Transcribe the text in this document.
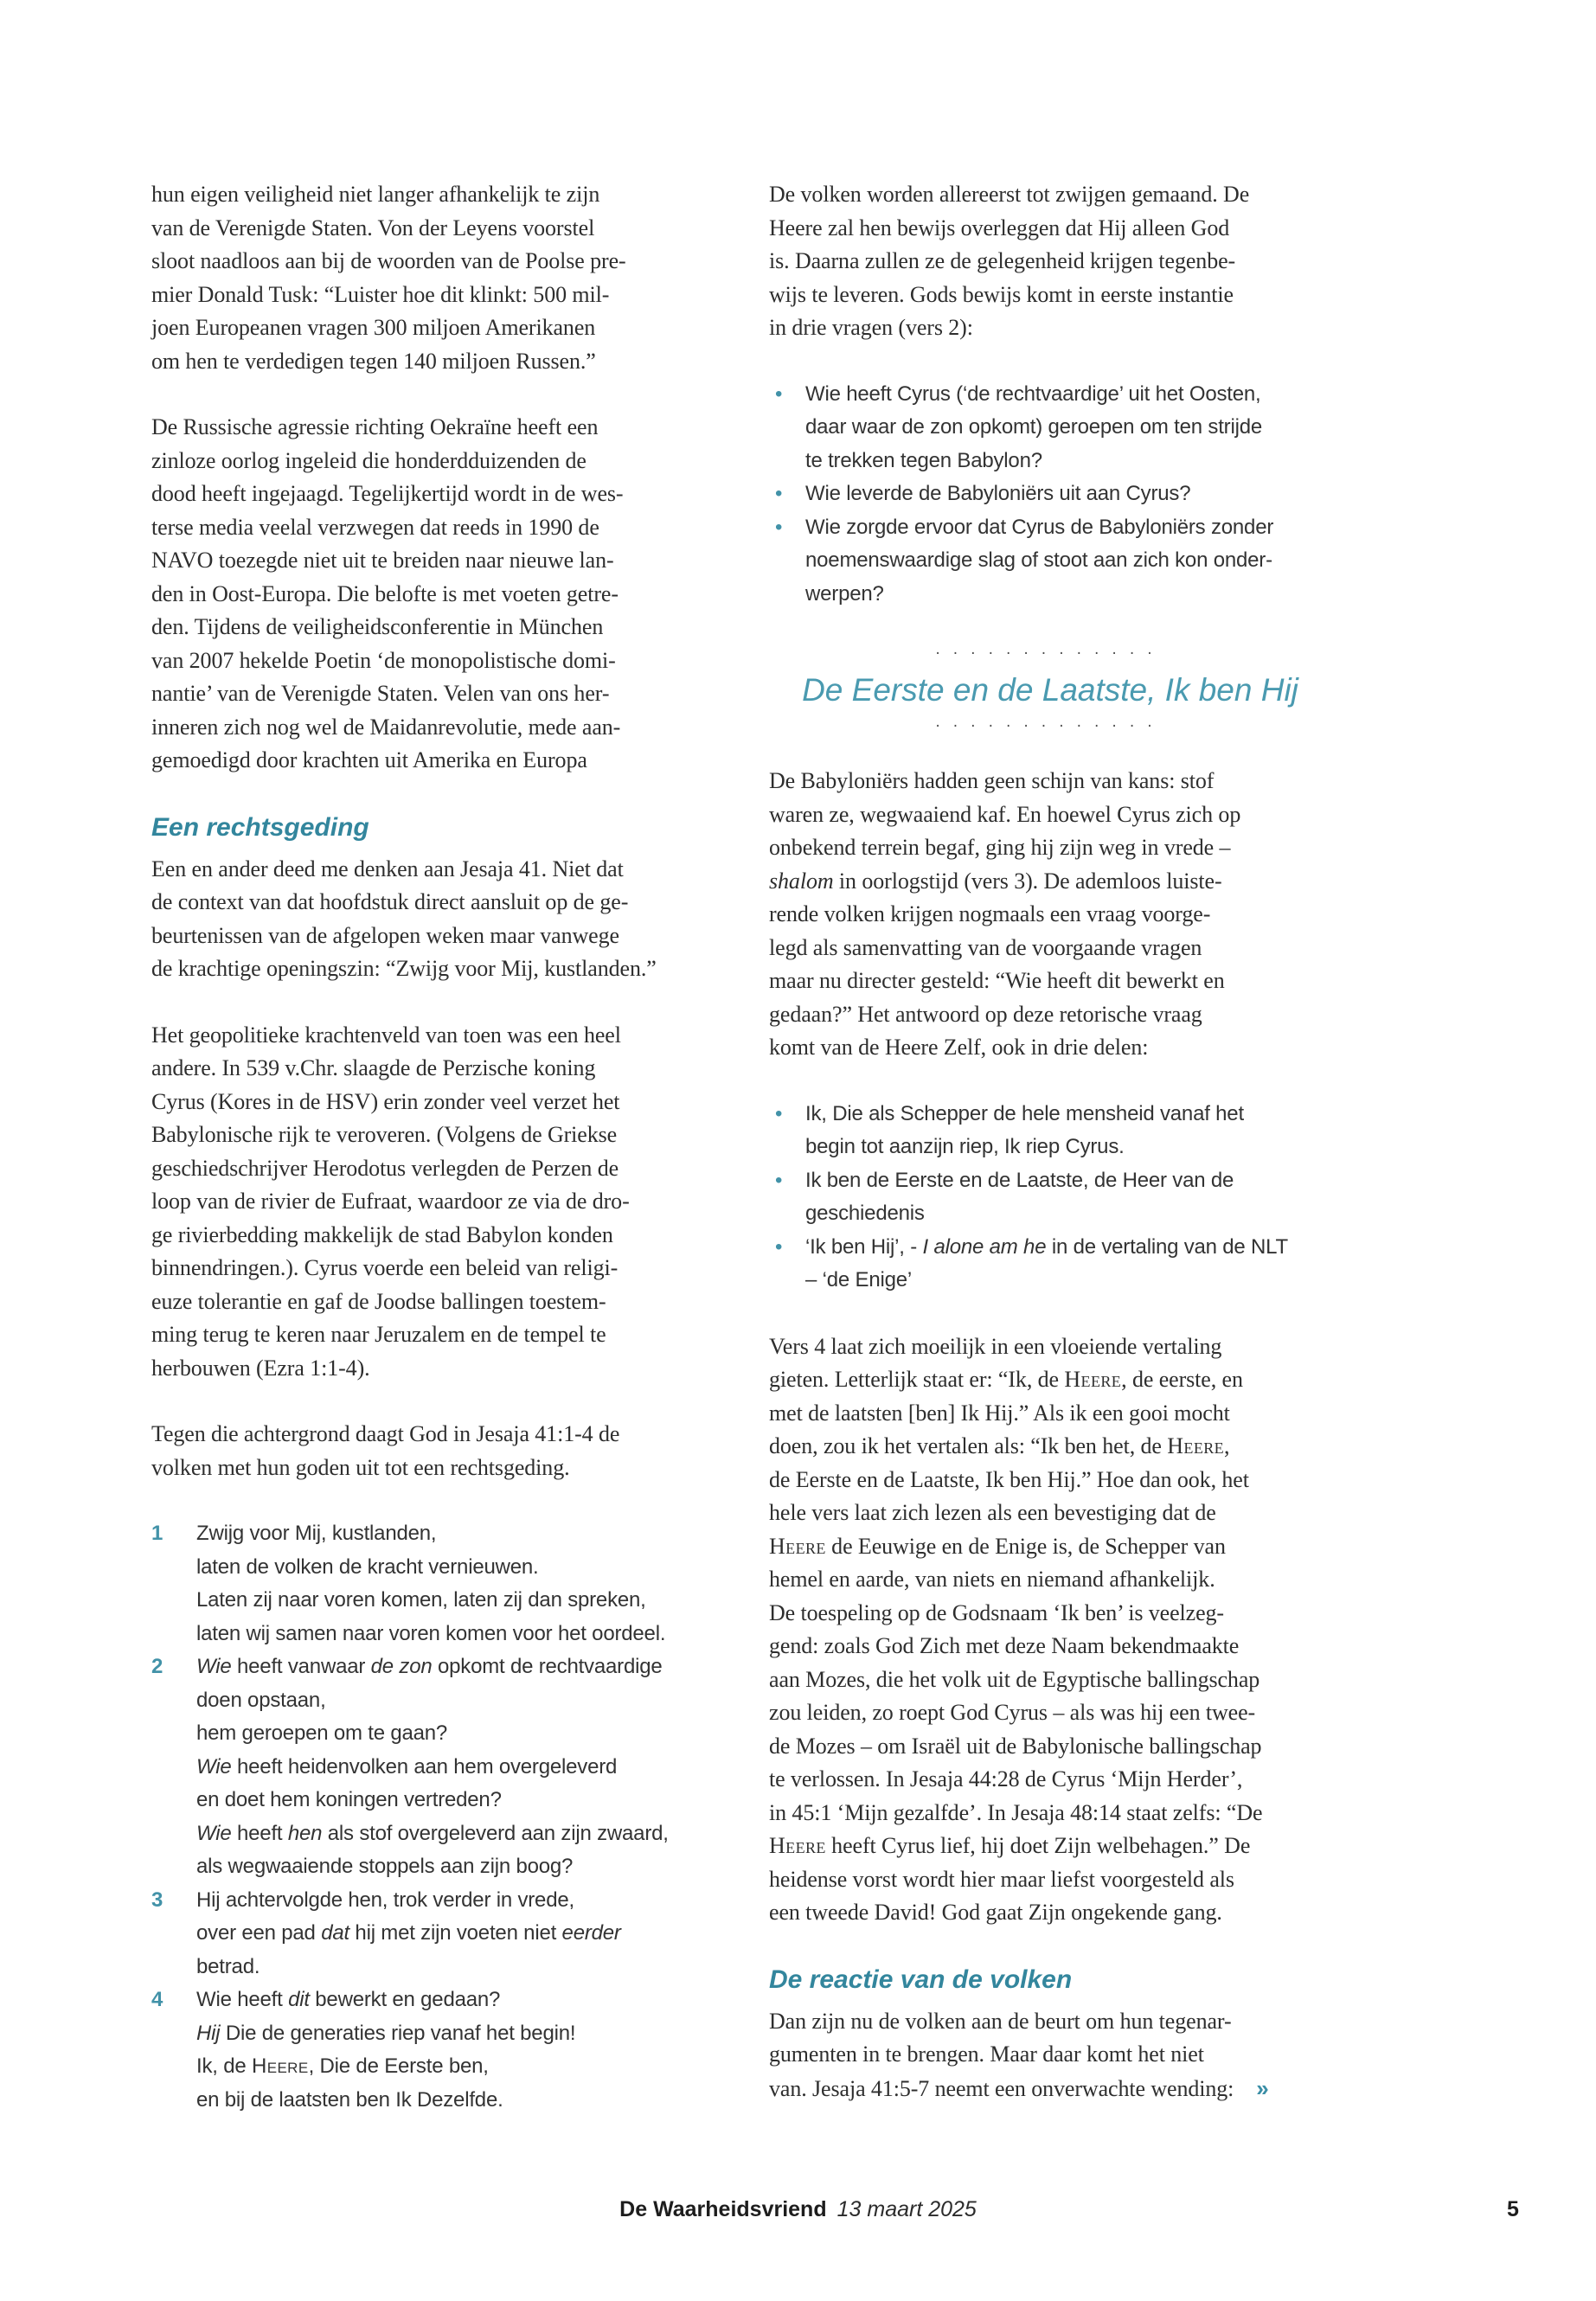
hun eigen veiligheid niet langer afhankelijk te zijn
van de Verenigde Staten. Von der Leyens voorstel
sloot naadloos aan bij de woorden van de Poolse pre-
mier Donald Tusk: “Luister hoe dit klinkt: 500 mil-
joen Europeanen vragen 300 miljoen Amerikanen
om hen te verdedigen tegen 140 miljoen Russen.”

De Russische agressie richting Oekraïne heeft een
zinloze oorlog ingeleid die honderdduizenden de
dood heeft ingejaagd. Tegelijkertijd wordt in de wes-
terse media veelal verzwegen dat reeds in 1990 de
NAVO toezegde niet uit te breiden naar nieuwe lan-
den in Oost-Europa. Die belofte is met voeten getre-
den. Tijdens de veiligheidsconferentie in München
van 2007 hekelde Poetin ‘de monopolistische domi-
nantie’ van de Verenigde Staten. Velen van ons her-
inneren zich nog wel de Maidanrevolutie, mede aan-
gemoedigd door krachten uit Amerika en Europa

Een rechtsgeding

Een en ander deed me denken aan Jesaja 41. Niet dat
de context van dat hoofdstuk direct aansluit op de ge-
beurtenissen van de afgelopen weken maar vanwege
de krachtige openingszin: “Zwijg voor Mij, kustlanden.”

Het geopolitieke krachtenveld van toen was een heel
andere. In 539 v.Chr. slaagde de Perzische koning
Cyrus (Kores in de HSV) erin zonder veel verzet het
Babylonische rijk te veroveren. (Volgens de Griekse
geschiedschrijver Herodotus verlegden de Perzen de
loop van de rivier de Eufraat, waardoor ze via de dro-
ge rivierbedding makkelijk de stad Babylon konden
binnendringen.). Cyrus voerde een beleid van religi-
euze tolerantie en gaf de Joodse ballingen toestem-
ming terug te keren naar Jeruzalem en de tempel te
herbouwen (Ezra 1:1-4).

Tegen die achtergrond daagt God in Jesaja 41:1-4 de
volken met hun goden uit tot een rechtsgeding.

1 Zwijg voor Mij, kustlanden,
laten de volken de kracht vernieuwen.
Laten zij naar voren komen, laten zij dan spreken,
laten wij samen naar voren komen voor het oordeel.
2 Wie heeft vanwaar de zon opkomt de rechtvaardige
doen opstaan,
hem geroepen om te gaan?
Wie heeft heidenvolken aan hem overgeleverd
en doet hem koningen vertreden?
Wie heeft hen als stof overgeleverd aan zijn zwaard,
als wegwaaiende stoppels aan zijn boog?
3 Hij achtervolgde hen, trok verder in vrede,
over een pad dat hij met zijn voeten niet eerder
betrad.
4 Wie heeft dit bewerkt en gedaan?
Hij Die de generaties riep vanaf het begin!
Ik, de Heere, Die de Eerste ben,
en bij de laatsten ben Ik Dezelfde.

De volken worden allereerst tot zwijgen gemaand. De
Heere zal hen bewijs overleggen dat Hij alleen God
is. Daarna zullen ze de gelegenheid krijgen tegenbe-
wijs te leveren. Gods bewijs komt in eerste instantie
in drie vragen (vers 2):

• Wie heeft Cyrus (‘de rechtvaardige’ uit het Oosten,
daar waar de zon opkomt) geroepen om ten strijde
te trekken tegen Babylon?
• Wie leverde de Babyloniërs uit aan Cyrus?
• Wie zorgde ervoor dat Cyrus de Babyloniërs zonder
noemenswaardige slag of stoot aan zich kon onder-
werpen?
·············
De Eerste en de Laatste, Ik ben Hij
·············

De Babyloniërs hadden geen schijn van kans: stof
waren ze, wegwaaiend kaf. En hoewel Cyrus zich op
onbekend terrein begaf, ging hij zijn weg in vrede –
shalom in oorlogstijd (vers 3). De ademloos luiste-
rende volken krijgen nogmaals een vraag voorge-
legd als samenvatting van de voorgaande vragen
maar nu directer gesteld: “Wie heeft dit bewerkt en
gedaan?” Het antwoord op deze retorische vraag
komt van de Heere Zelf, ook in drie delen:

• Ik, Die als Schepper de hele mensheid vanaf het
begin tot aanzijn riep, Ik riep Cyrus.
• Ik ben de Eerste en de Laatste, de Heer van de
geschiedenis
• ‘Ik ben Hij’, - I alone am he in de vertaling van de NLT
– ‘de Enige’

Vers 4 laat zich moeilijk in een vloeiende vertaling
gieten. Letterlijk staat er: “Ik, de Heere, de eerste, en
met de laatsten [ben] Ik Hij.” Als ik een gooi mocht
doen, zou ik het vertalen als: “Ik ben het, de Heere,
de Eerste en de Laatste, Ik ben Hij.” Hoe dan ook, het
hele vers laat zich lezen als een bevestiging dat de
Heere de Eeuwige en de Enige is, de Schepper van
hemel en aarde, van niets en niemand afhankelijk.
De toespeling op de Godsnaam ‘Ik ben’ is veelzeg-
gend: zoals God Zich met deze Naam bekendmaakte
aan Mozes, die het volk uit de Egyptische ballingschap
zou leiden, zo roept God Cyrus – als was hij een twee-
de Mozes – om Israël uit de Babylonische ballingschap
te verlossen. In Jesaja 44:28 de Cyrus ‘Mijn Herder’,
in 45:1 ‘Mijn gezalfde’. In Jesaja 48:14 staat zelfs: “De
Heere heeft Cyrus lief, hij doet Zijn welbehagen.” De
heidense vorst wordt hier maar liefst voorgesteld als
een tweede David! God gaat Zijn ongekende gang.

De reactie van de volken

Dan zijn nu de volken aan de beurt om hun tegenar-
gumenten in te brengen. Maar daar komt het niet
van. Jesaja 41:5-7 neemt een onverwachte wending: »

De Waarheidsvriend 13 maart 2025	5
